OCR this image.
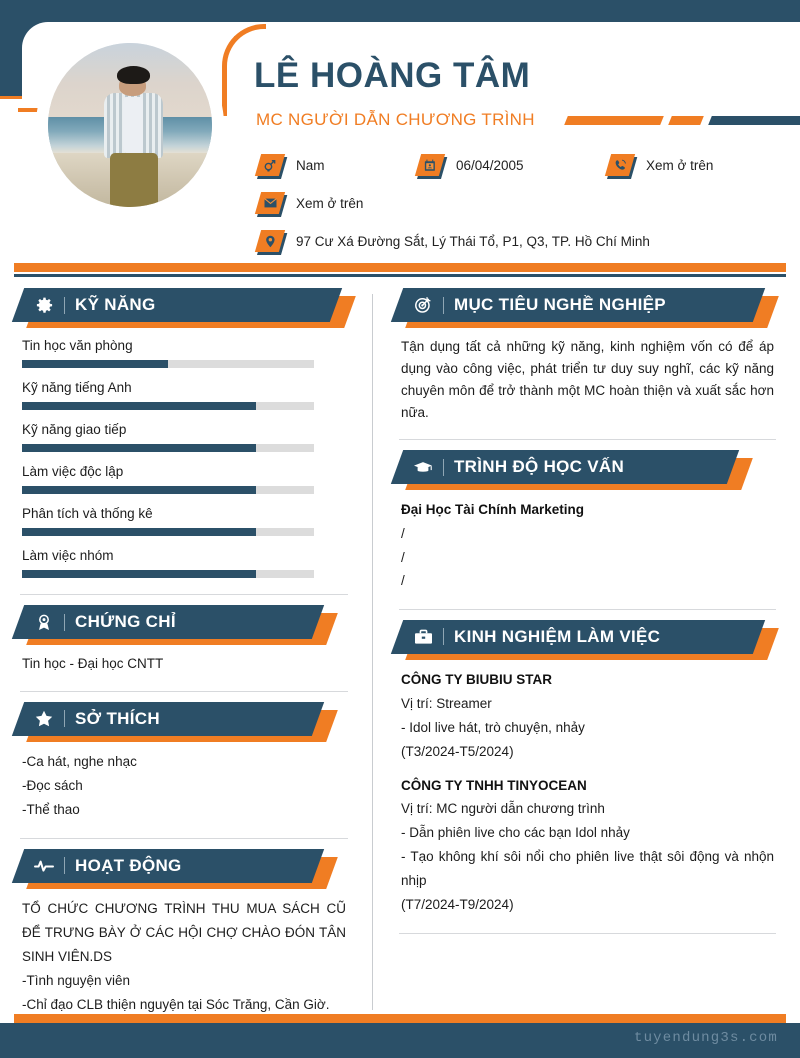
LÊ HOÀNG TÂM
MC NGƯỜI DẪN CHƯƠNG TRÌNH
Nam	06/04/2005	Xem ở trên
Xem ở trên
97 Cư Xá Đường Sắt, Lý Thái Tổ, P1, Q3, TP. Hồ Chí Minh
KỸ NĂNG
Tin học văn phòng
Kỹ năng tiếng Anh
Kỹ năng giao tiếp
Làm việc độc lập
Phân tích và thống kê
Làm việc nhóm
CHỨNG CHỈ
Tin học - Đại học CNTT
SỞ THÍCH
-Ca hát, nghe nhạc
-Đọc sách
-Thể thao
HOẠT ĐỘNG
TỔ CHỨC CHƯƠNG TRÌNH THU MUA SÁCH CŨ ĐỂ TRƯNG BÀY Ở CÁC HỘI CHỢ CHÀO ĐÓN TÂN SINH VIÊN.DS
-Tình nguyện viên
-Chỉ đạo CLB thiện nguyện tại Sóc Trăng, Cần Giờ.
MỤC TIÊU NGHỀ NGHIỆP
Tận dụng tất cả những kỹ năng, kinh nghiệm vốn có để áp dụng vào công việc, phát triển tư duy suy nghĩ, các kỹ năng chuyên môn để trở thành một MC hoàn thiện và xuất sắc hơn nữa.
TRÌNH ĐỘ HỌC VẤN
Đại Học Tài Chính Marketing
/
/
/
KINH NGHIỆM LÀM VIỆC
CÔNG TY BIUBIU STAR
Vị trí: Streamer
- Idol live hát, trò chuyện, nhảy
(T3/2024-T5/2024)
CÔNG TY TNHH TINYOCEAN
Vị trí: MC người dẫn chương trình
- Dẫn phiên live cho các bạn Idol nhảy
- Tạo không khí sôi nổi cho phiên live thật sôi động và nhộn nhịp
(T7/2024-T9/2024)
tuyendung3s.com
